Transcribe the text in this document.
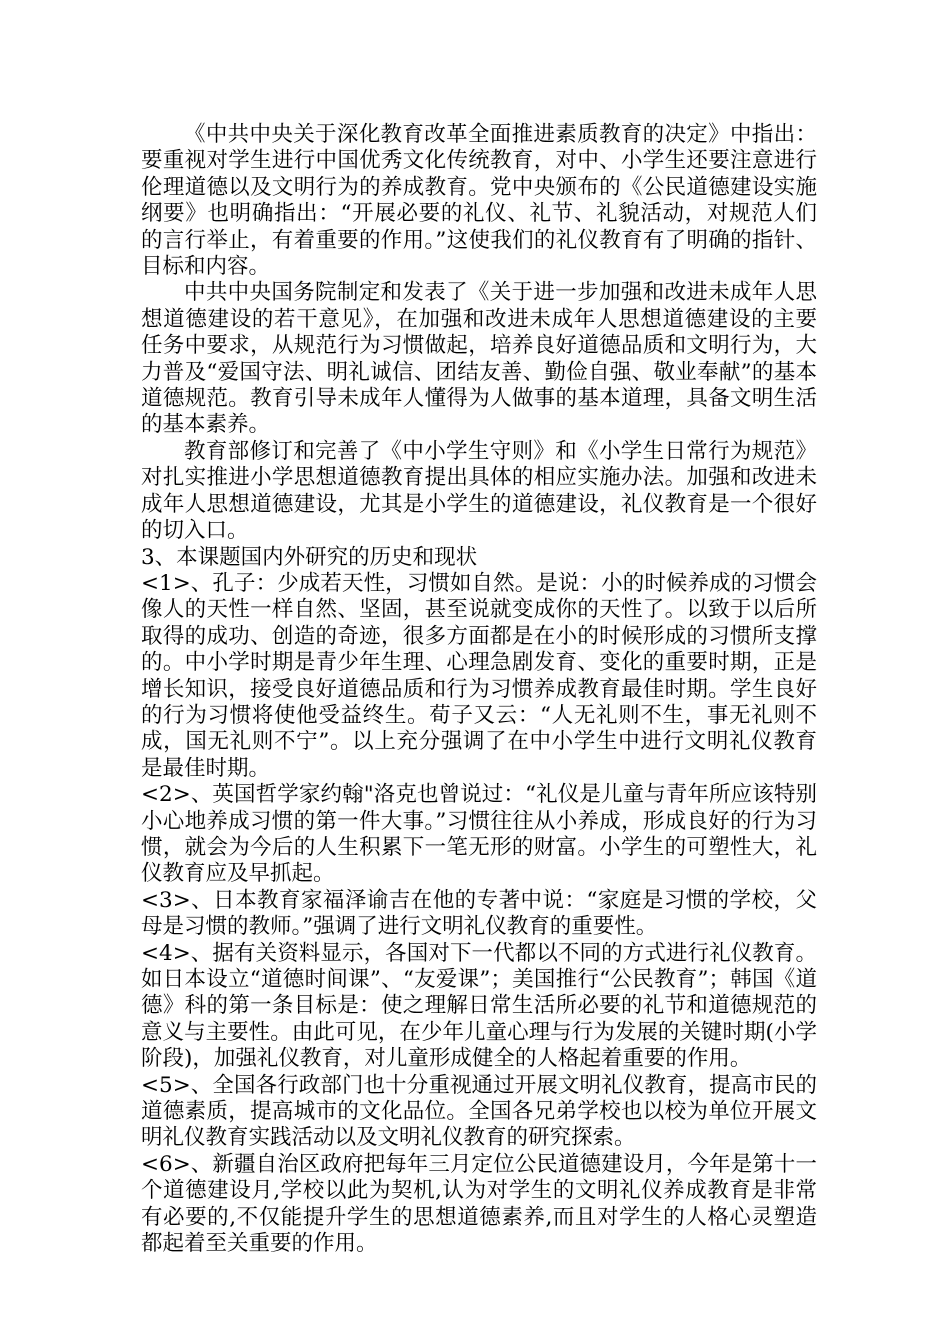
《中共中央关于深化教育改革全面推进素质教育的决定》中指出：要重视对学生进行中国优秀文化传统教育，对中、小学生还要注意进行伦理道德以及文明行为的养成教育。党中央颁布的《公民道德建设实施纲要》也明确指出：“开展必要的礼仪、礼节、礼貌活动，对规范人们的言行举止，有着重要的作用。”这使我们的礼仪教育有了明确的指针、目标和内容。

中共中央国务院制定和发表了《关于进一步加强和改进未成年人思想道德建设的若干意见》，在加强和改进未成年人思想道德建设的主要任务中要求，从规范行为习惯做起，培养良好道德品质和文明行为，大力普及“爱国守法、明礼诚信、团结友善、勤俭自强、敬业奉献”的基本道德规范。教育引导未成年人懂得为人做事的基本道理，具备文明生活的基本素养。

教育部修订和完善了《中小学生守则》和《小学生日常行为规范》对扎实推进小学思想道德教育提出具体的相应实施办法。加强和改进未成年人思想道德建设，尤其是小学生的道德建设，礼仪教育是一个很好的切入口。

3、本课题国内外研究的历史和现状

<1>、孔子：少成若天性，习惯如自然。是说：小的时候养成的习惯会像人的天性一样自然、坚固，甚至说就变成你的天性了。以致于以后所取得的成功、创造的奇迹，很多方面都是在小的时候形成的习惯所支撑的。中小学时期是青少年生理、心理急剧发育、变化的重要时期，正是增长知识，接受良好道德品质和行为习惯养成教育最佳时期。学生良好的行为习惯将使他受益终生。荀子又云：“人无礼则不生，事无礼则不成，国无礼则不宁”。以上充分强调了在中小学生中进行文明礼仪教育是最佳时期。

<2>、英国哲学家约翰"洛克也曾说过：“礼仪是儿童与青年所应该特别小心地养成习惯的第一件大事。”习惯往往从小养成，形成良好的行为习惯，就会为今后的人生积累下一笔无形的财富。小学生的可塑性大，礼仪教育应及早抓起。

<3>、日本教育家福泽谕吉在他的专著中说：“家庭是习惯的学校，父母是习惯的教师。”强调了进行文明礼仪教育的重要性。

<4>、据有关资料显示，各国对下一代都以不同的方式进行礼仪教育。如日本设立“道德时间课”、“友爱课”；美国推行“公民教育”；韩国《道德》科的第一条目标是：使之理解日常生活所必要的礼节和道德规范的意义与主要性。由此可见，在少年儿童心理与行为发展的关键时期(小学阶段)，加强礼仪教育，对儿童形成健全的人格起着重要的作用。

<5>、全国各行政部门也十分重视通过开展文明礼仪教育，提高市民的道德素质，提高城市的文化品位。全国各兄弟学校也以校为单位开展文明礼仪教育实践活动以及文明礼仪教育的研究探索。

<6>、新疆自治区政府把每年三月定位公民道德建设月，今年是第十一个道德建设月,学校以此为契机,认为对学生的文明礼仪养成教育是非常有必要的,不仅能提升学生的思想道德素养,而且对学生的人格心灵塑造都起着至关重要的作用。
